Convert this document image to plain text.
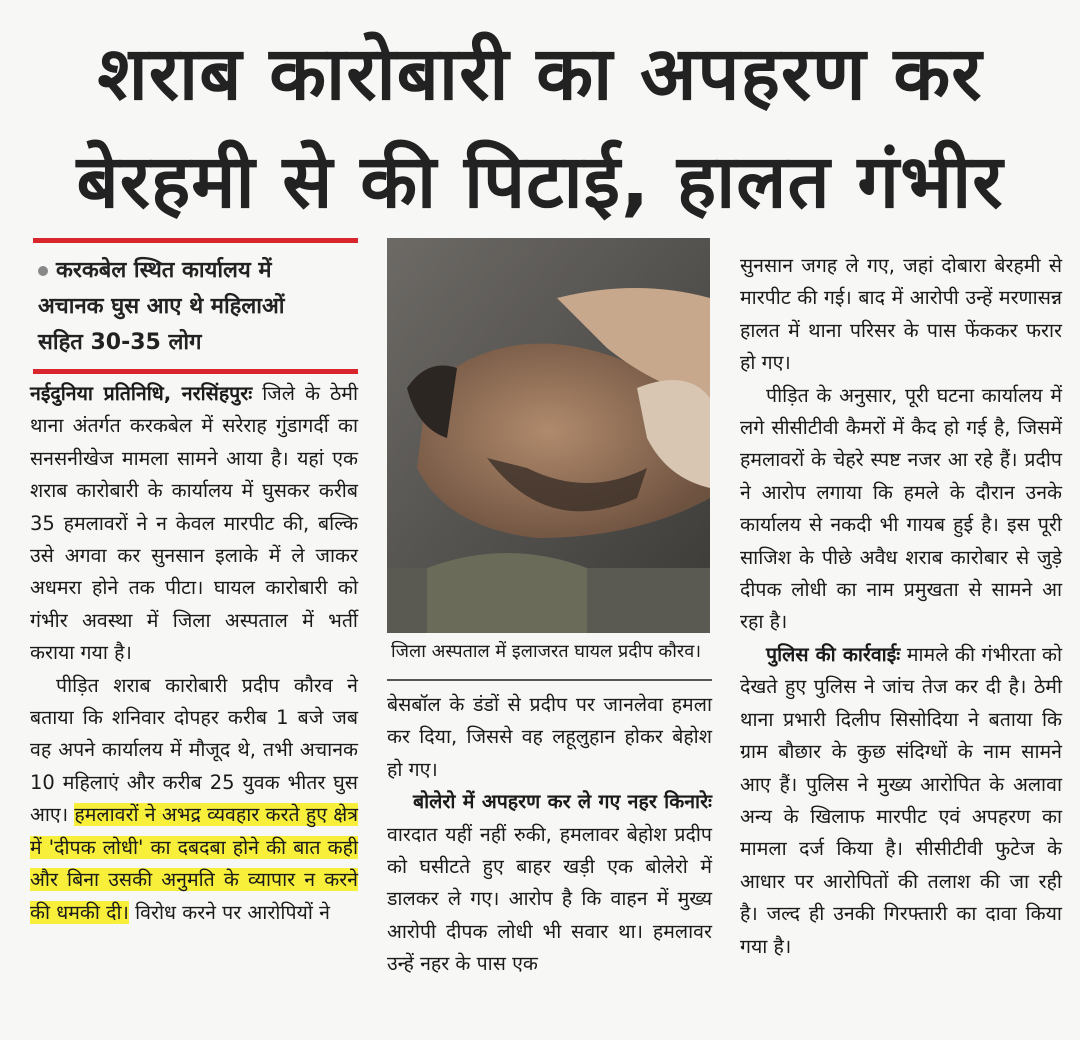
शराब कारोबारी का अपहरण कर
बेरहमी से की पिटाई, हालत गंभीर
करकबेल स्थित कार्यालय में
अचानक घुस आए थे महिलाओं
सहित 30-35 लोग
नईदुनिया प्रतिनिधि, नरसिंहपुरः जिले के ठेमी थाना अंतर्गत करकबेल में सरेराह गुंडागर्दी का सनसनीखेज मामला सामने आया है। यहां एक शराब कारोबारी के कार्यालय में घुसकर करीब 35 हमलावरों ने न केवल मारपीट की, बल्कि उसे अगवा कर सुनसान इलाके में ले जाकर अधमरा होने तक पीटा। घायल कारोबारी को गंभीर अवस्था में जिला अस्पताल में भर्ती कराया गया है।
पीड़ित शराब कारोबारी प्रदीप कौरव ने बताया कि शनिवार दोपहर करीब 1 बजे जब वह अपने कार्यालय में मौजूद थे, तभी अचानक 10 महिलाएं और करीब 25 युवक भीतर घुस आए। हमलावरों ने अभद्र व्यवहार करते हुए क्षेत्र में 'दीपक लोधी' का दबदबा होने की बात कही और बिना उसकी अनुमति के व्यापार न करने की धमकी दी। विरोध करने पर आरोपियों ने
जिला अस्पताल में इलाजरत घायल प्रदीप कौरव।
बेसबॉल के डंडों से प्रदीप पर जानलेवा हमला कर दिया, जिससे वह लहूलुहान होकर बेहोश हो गए।
बोलेरो में अपहरण कर ले गए नहर किनारेः वारदात यहीं नहीं रुकी, हमलावर बेहोश प्रदीप को घसीटते हुए बाहर खड़ी एक बोलेरो में डालकर ले गए। आरोप है कि वाहन में मुख्य आरोपी दीपक लोधी भी सवार था। हमलावर उन्हें नहर के पास एक
सुनसान जगह ले गए, जहां दोबारा बेरहमी से मारपीट की गई। बाद में आरोपी उन्हें मरणासन्न हालत में थाना परिसर के पास फेंककर फरार हो गए।
पीड़ित के अनुसार, पूरी घटना कार्यालय में लगे सीसीटीवी कैमरों में कैद हो गई है, जिसमें हमलावरों के चेहरे स्पष्ट नजर आ रहे हैं। प्रदीप ने आरोप लगाया कि हमले के दौरान उनके कार्यालय से नकदी भी गायब हुई है। इस पूरी साजिश के पीछे अवैध शराब कारोबार से जुड़े दीपक लोधी का नाम प्रमुखता से सामने आ रहा है।
पुलिस की कार्रवाईः मामले की गंभीरता को देखते हुए पुलिस ने जांच तेज कर दी है। ठेमी थाना प्रभारी दिलीप सिसोदिया ने बताया कि ग्राम बौछार के कुछ संदिग्धों के नाम सामने आए हैं। पुलिस ने मुख्य आरोपित के अलावा अन्य के खिलाफ मारपीट एवं अपहरण का मामला दर्ज किया है। सीसीटीवी फुटेज के आधार पर आरोपितों की तलाश की जा रही है। जल्द ही उनकी गिरफ्तारी का दावा किया गया है।
